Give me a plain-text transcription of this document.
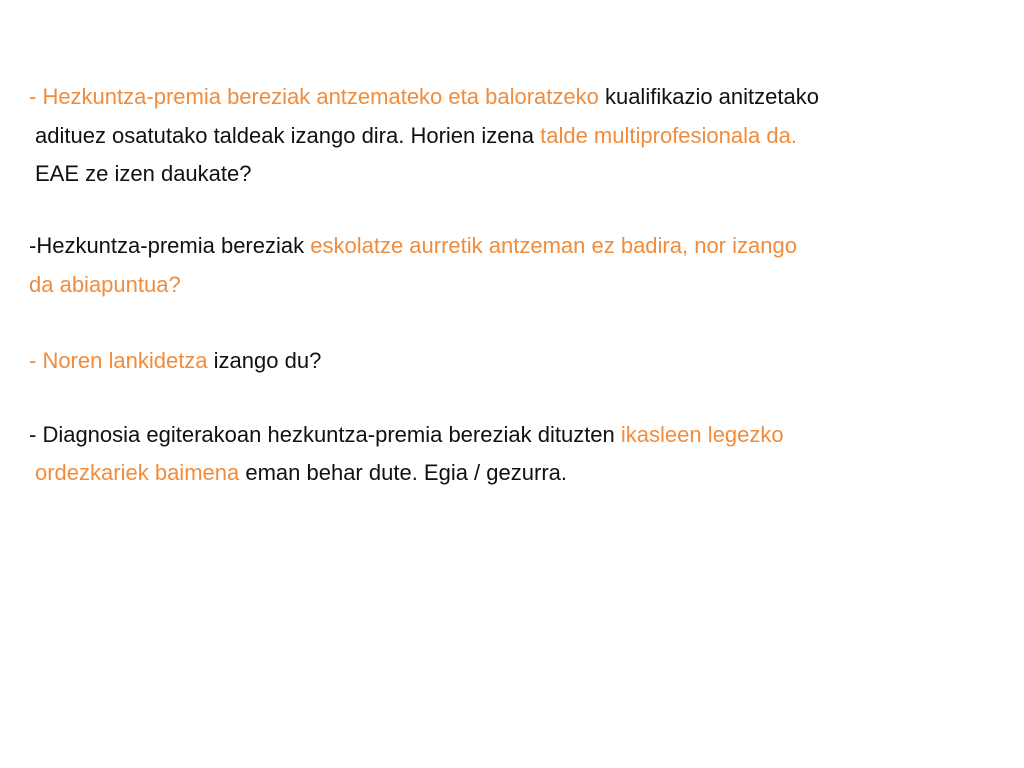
- Hezkuntza-premia bereziak antzemateko eta baloratzeko kualifikazio anitzetako
adituez osatutako taldeak izango dira. Horien izena talde multiprofesionala da.
EAE ze izen daukate?
-Hezkuntza-premia bereziak eskolatze aurretik antzeman ez badira, nor izango
da abiapuntua?
- Noren lankidetza izango du?
- Diagnosia egiterakoan hezkuntza-premia bereziak dituzten ikasleen legezko
ordezkariek baimena eman behar dute. Egia / gezurra.
